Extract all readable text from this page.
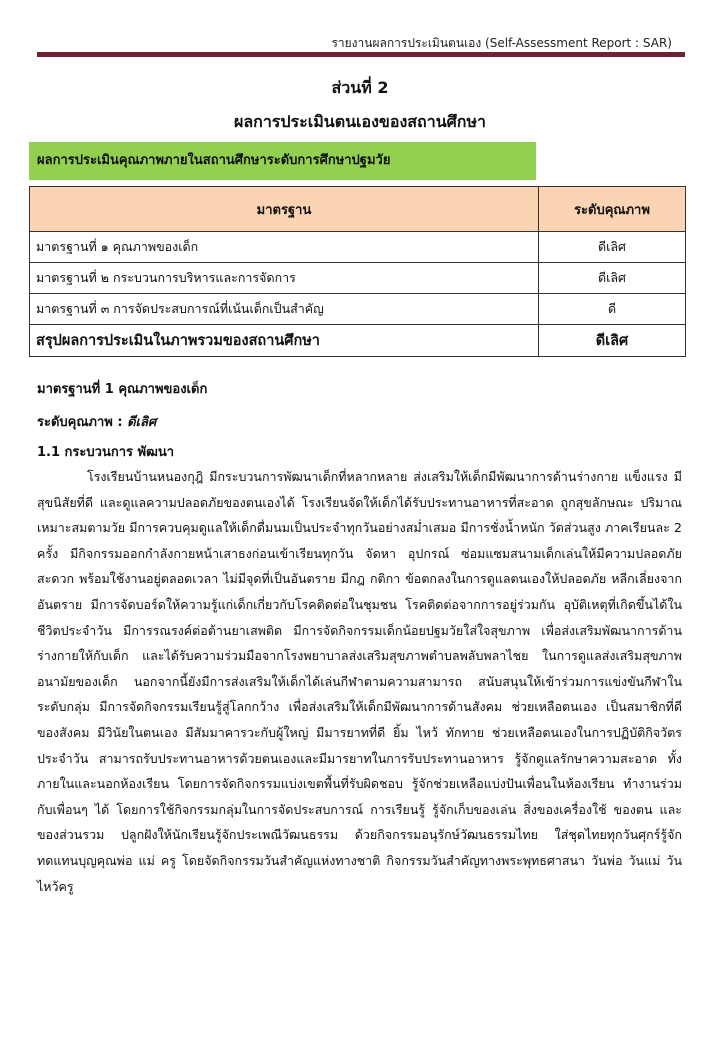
รายงานผลการประเมินตนเอง (Self-Assessment Report : SAR)
ส่วนที่ 2
ผลการประเมินตนเองของสถานศึกษา
ผลการประเมินคุณภาพภายในสถานศึกษาระดับการศึกษาปฐมวัย
มาตรฐาน	ระดับคุณภาพ
มาตรฐานที่ ๑ คุณภาพของเด็ก	ดีเลิศ
มาตรฐานที่ ๒ กระบวนการบริหารและการจัดการ	ดีเลิศ
มาตรฐานที่ ๓ การจัดประสบการณ์ที่เน้นเด็กเป็นสำคัญ	ดี
สรุปผลการประเมินในภาพรวมของสถานศึกษา	ดีเลิศ
มาตรฐานที่ 1 คุณภาพของเด็ก
ระดับคุณภาพ : ดีเลิศ
1.1 กระบวนการ พัฒนา

โรงเรียนบ้านหนองกุฎิ มีกระบวนการพัฒนาเด็กที่หลากหลาย ส่งเสริมให้เด็กมีพัฒนาการด้านร่างกาย แข็งแรง มีสุขนิสัยที่ดี และดูแลความปลอดภัยของตนเองได้ โรงเรียนจัดให้เด็กได้รับประทานอาหารที่สะอาด ถูกสุขลักษณะ ปริมาณเหมาะสมตามวัย มีการควบคุมดูแลให้เด็กดื่มนมเป็นประจำทุกวันอย่างสม่ำเสมอ มีการชั่งน้ำหนัก วัดส่วนสูง ภาคเรียนละ 2 ครั้ง มีกิจกรรมออกกำลังกายหน้าเสาธงก่อนเข้าเรียนทุกวัน จัดหา อุปกรณ์ ซ่อมแซมสนามเด็กเล่นให้มีความปลอดภัย สะดวก พร้อมใช้งานอยู่ตลอดเวลา ไม่มีจุดที่เป็นอันตราย มีกฎ กติกา ข้อตกลงในการดูแลตนเองให้ปลอดภัย หลีกเลี่ยงจากอันตราย มีการจัดบอร์ดให้ความรู้แก่เด็กเกี่ยวกับโรคติดต่อในชุมชน โรคติดต่อจากการอยู่ร่วมกัน อุบัติเหตุที่เกิดขึ้นได้ในชีวิตประจำวัน มีการรณรงค์ต่อต้านยาเสพติด มีการจัดกิจกรรมเด็กน้อยปฐมวัยใส่ใจสุขภาพ เพื่อส่งเสริมพัฒนาการด้านร่างกายให้กับเด็ก และได้รับความร่วมมือจากโรงพยาบาลส่งเสริมสุขภาพตำบลพลับพลาไชย ในการดูแลส่งเสริมสุขภาพอนามัยของเด็ก นอกจากนี้ยังมีการส่งเสริมให้เด็กได้เล่นกีฬาตามความสามารถ สนับสนุนให้เข้าร่วมการแข่งขันกีฬาในระดับกลุ่ม มีการจัดกิจกรรมเรียนรู้สู่โลกกว้าง เพื่อส่งเสริมให้เด็กมีพัฒนาการด้านสังคม ช่วยเหลือตนเอง เป็นสมาชิกที่ดีของสังคม มีวินัยในตนเอง มีสัมมาคารวะกับผู้ใหญ่ มีมารยาทที่ดี ยิ้ม ไหว้ ทักทาย ช่วยเหลือตนเองในการปฏิบัติกิจวัตรประจำวัน สามารถรับประทานอาหารด้วยตนเองและมีมารยาทในการรับประทานอาหาร รู้จักดูแลรักษาความสะอาด ทั้งภายในและนอกห้องเรียน โดยการจัดกิจกรรมแบ่งเขตพื้นที่รับผิดชอบ รู้จักช่วยเหลือแบ่งปันเพื่อนในห้องเรียน ทำงานร่วมกับเพื่อนๆ ได้ โดยการใช้กิจกรรมกลุ่มในการจัดประสบการณ์ การเรียนรู้ รู้จักเก็บของเล่น สิ่งของเครื่องใช้ ของตน และของส่วนรวม ปลูกฝังให้นักเรียนรู้จักประเพณีวัฒนธรรม ด้วยกิจกรรมอนุรักษ์วัฒนธรรมไทย ใส่ชุดไทยทุกวันศุกร์รู้จักทดแทนบุญคุณพ่อ แม่ ครู โดยจัดกิจกรรมวันสำคัญแห่งทางชาติ กิจกรรมวันสำคัญทางพระพุทธศาสนา วันพ่อ วันแม่ วันไหว้ครู
